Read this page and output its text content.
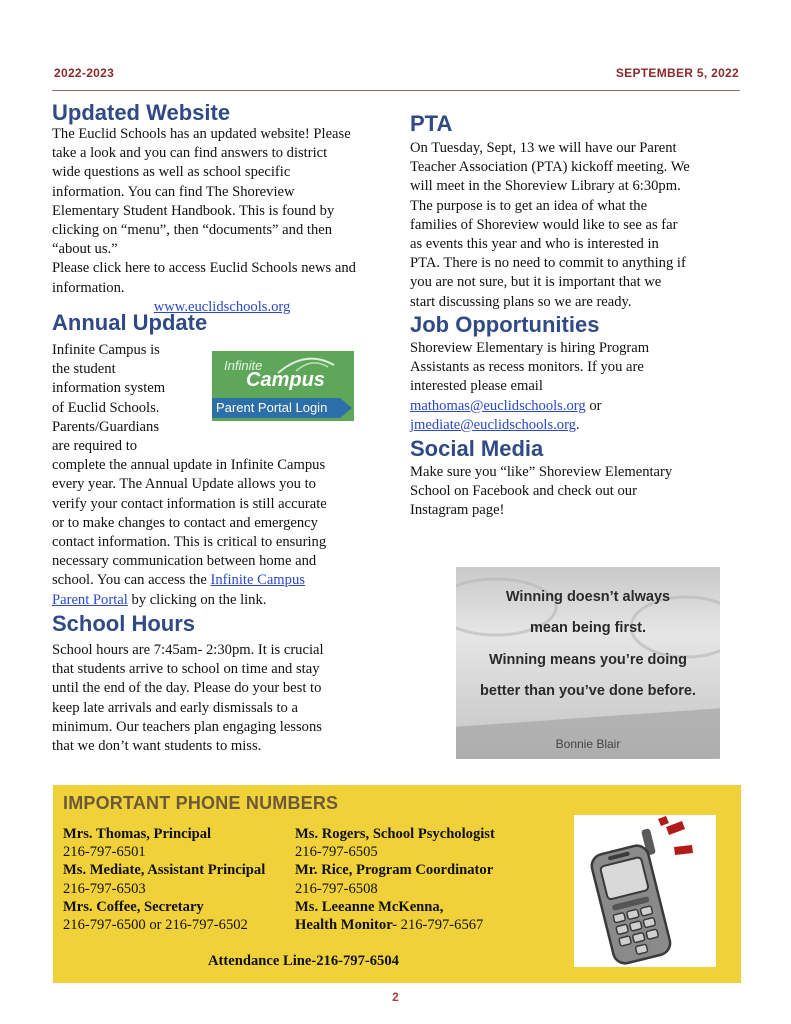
2022-2023	SEPTEMBER 5, 2022
Updated Website
The Euclid Schools has an updated website! Please
take a look and you can find answers to district
wide questions as well as school specific
information. You can find The Shoreview
Elementary Student Handbook. This is found by
clicking on “menu”, then “documents” and then
“about us.”
Please click here to access Euclid Schools news and
information.
www.euclidschools.org
Annual Update
Infinite Campus is
the student
information system
of Euclid Schools.
Parents/Guardians
are required to
complete the annual update in Infinite Campus
every year. The Annual Update allows you to
verify your contact information is still accurate
or to make changes to contact and emergency
contact information. This is critical to ensuring
necessary communication between home and
school. You can access the Infinite Campus
Parent Portal by clicking on the link.
Infinite
Campus
Parent Portal Login
School Hours
School hours are 7:45am- 2:30pm. It is crucial
that students arrive to school on time and stay
until the end of the day. Please do your best to
keep late arrivals and early dismissals to a
minimum. Our teachers plan engaging lessons
that we don’t want students to miss.
PTA
On Tuesday, Sept, 13 we will have our Parent
Teacher Association (PTA) kickoff meeting. We
will meet in the Shoreview Library at 6:30pm.
The purpose is to get an idea of what the
families of Shoreview would like to see as far
as events this year and who is interested in
PTA. There is no need to commit to anything if
you are not sure, but it is important that we
start discussing plans so we are ready.
Job Opportunities
Shoreview Elementary is hiring Program
Assistants as recess monitors. If you are
interested please email
mathomas@euclidschools.org or
jmediate@euclidschools.org.
Social Media
Make sure you “like” Shoreview Elementary
School on Facebook and check out our
Instagram page!
Winning doesn’t always
mean being first.
Winning means you’re doing
better than you’ve done before.
Bonnie Blair
IMPORTANT PHONE NUMBERS
Mrs. Thomas, Principal
216-797-6501
Ms. Mediate, Assistant Principal
216-797-6503
Mrs. Coffee, Secretary
216-797-6500 or 216-797-6502
Ms. Rogers, School Psychologist
216-797-6505
Mr. Rice, Program Coordinator
216-797-6508
Ms. Leeanne McKenna,
Health Monitor- 216-797-6567
Attendance Line-216-797-6504
2
